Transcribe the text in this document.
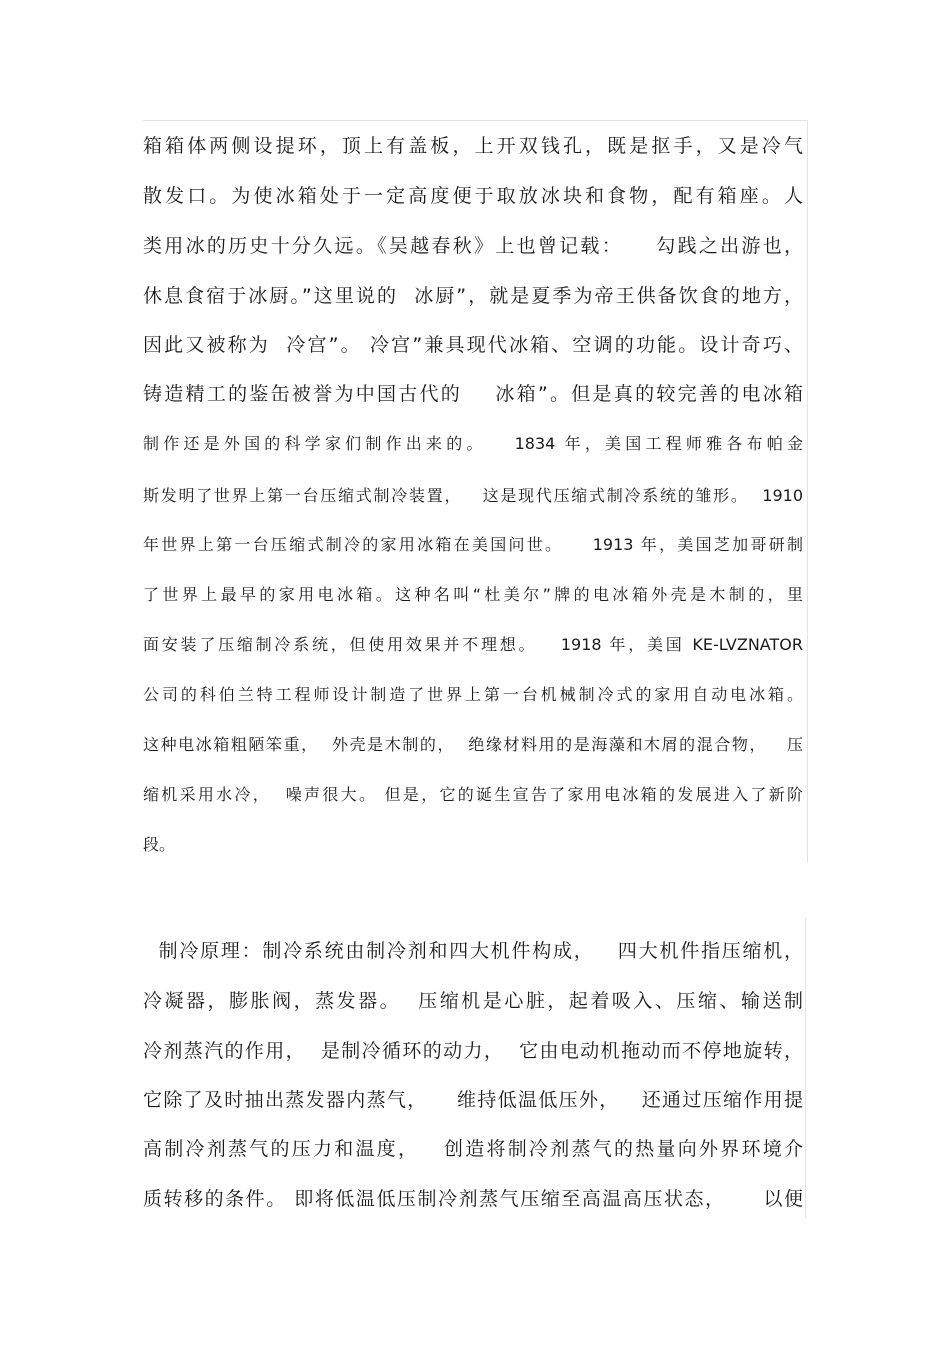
箱箱体两侧设提环，顶上有盖板，上开双钱孔，既是抠手，又是冷气
散发口。为使冰箱处于一定高度便于取放冰块和食物，配有箱座。人
类用冰的历史十分久远。《吴越春秋》上也曾记载：    勾践之出游也，
休息食宿于冰厨。”这里说的  冰厨”，就是夏季为帝王供备饮食的地方，
因此又被称为  冷宫”。 冷宫”兼具现代冰箱、空调的功能。设计奇巧、
铸造精工的鉴缶被誉为中国古代的    冰箱”。但是真的较完善的电冰箱
制作还是外国的科学家们制作出来的。   1834 年，美国工程师雅各布帕金
斯发明了世界上第一台压缩式制冷装置，   这是现代压缩式制冷系统的雏形。  1910
年世界上第一台压缩式制冷的家用冰箱在美国问世。    1913 年，美国芝加哥研制
了世界上最早的家用电冰箱。这种名叫“杜美尔”牌的电冰箱外壳是木制的，里
面安装了压缩制冷系统，但使用效果并不理想。   1918 年，美国 KE-LVZNATOR
公司的科伯兰特工程师设计制造了世界上第一台机械制冷式的家用自动电冰箱。
这种电冰箱粗陋笨重，  外壳是木制的，  绝缘材料用的是海藻和木屑的混合物，   压
缩机采用水冷，  噪声很大。 但是，它的诞生宣告了家用电冰箱的发展进入了新阶
段。
制冷原理：制冷系统由制冷剂和四大机件构成，   四大机件指压缩机，
冷凝器，膨胀阀，蒸发器。  压缩机是心脏，起着吸入、压缩、输送制
冷剂蒸汽的作用，  是制冷循环的动力，  它由电动机拖动而不停地旋转，
它除了及时抽出蒸发器内蒸气，    维持低温低压外，   还通过压缩作用提
高制冷剂蒸气的压力和温度，   创造将制冷剂蒸气的热量向外界环境介
质转移的条件。 即将低温低压制冷剂蒸气压缩至高温高压状态，     以便
